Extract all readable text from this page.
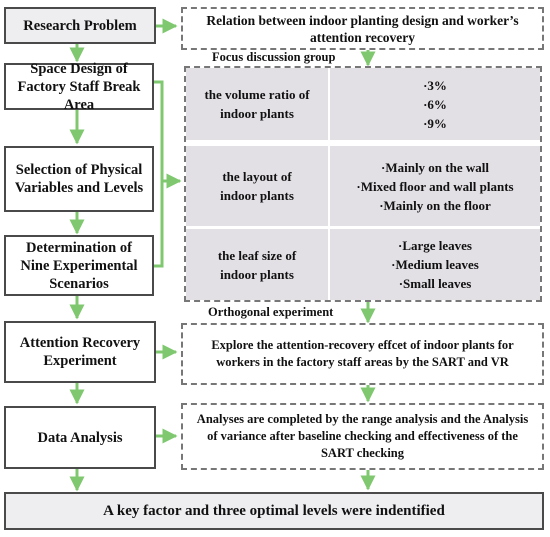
Research Problem
Space Design of Factory Staff Break Area
Selection of Physical Variables and Levels
Determination of Nine Experimental Scenarios
Attention Recovery Experiment
Data Analysis
Relation between indoor planting design and worker’s attention recovery
Focus discussion group
the volume ratio of indoor plants
·3%
·6%
·9%
the layout of indoor plants
·Mainly on the wall
·Mixed floor and wall plants
·Mainly on the floor
the leaf size of indoor plants
·Large leaves
·Medium leaves
·Small leaves
Orthogonal experiment
Explore the attention-recovery effcet of indoor plants for workers in the factory staff areas by the SART and VR
Analyses are completed by the range analysis and the Analysis of variance after baseline checking and effectiveness of the SART checking
A key factor and three optimal levels were indentified
